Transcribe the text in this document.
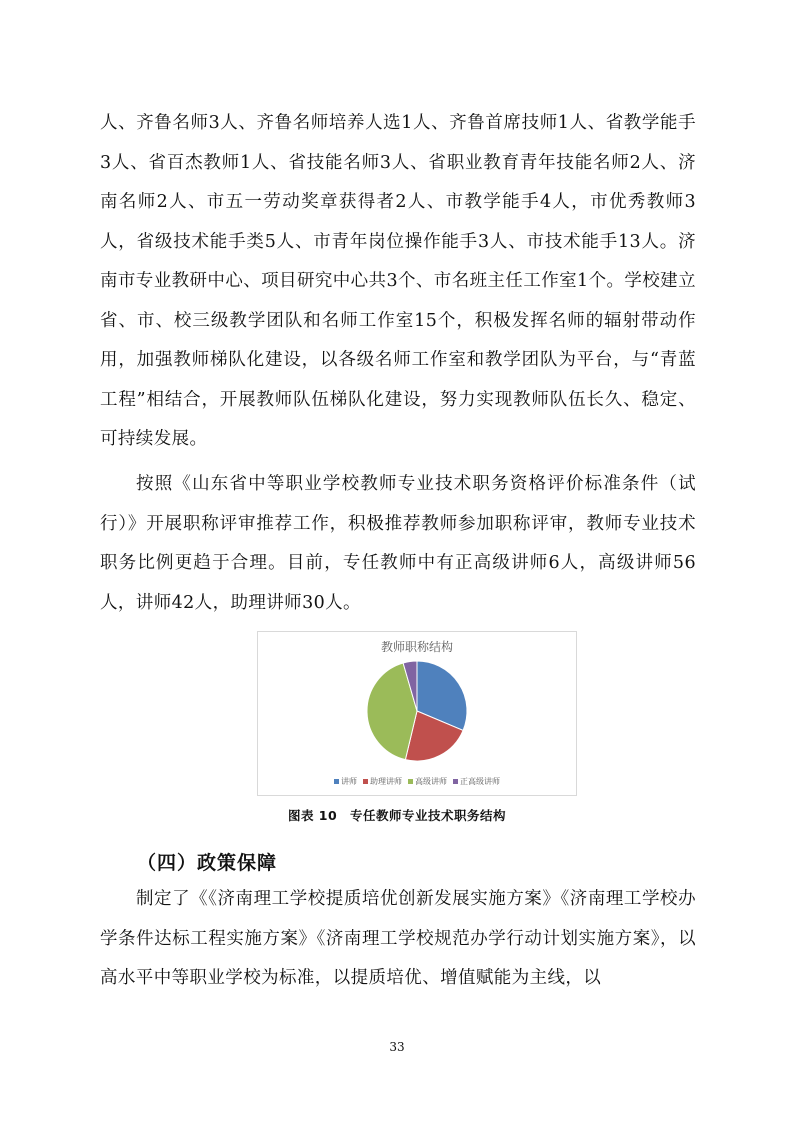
人、齐鲁名师3人、齐鲁名师培养人选1人、齐鲁首席技师1人、省教学能手3人、省百杰教师1人、省技能名师3人、省职业教育青年技能名师2人、济南名师2人、市五一劳动奖章获得者2人、市教学能手4人，市优秀教师3人，省级技术能手类5人、市青年岗位操作能手3人、市技术能手13人。济南市专业教研中心、项目研究中心共3个、市名班主任工作室1个。学校建立省、市、校三级教学团队和名师工作室15个，积极发挥名师的辐射带动作用，加强教师梯队化建设，以各级名师工作室和教学团队为平台，与“青蓝工程”相结合，开展教师队伍梯队化建设，努力实现教师队伍长久、稳定、可持续发展。

按照《山东省中等职业学校教师专业技术职务资格评价标准条件（试行）》开展职称评审推荐工作，积极推荐教师参加职称评审，教师专业技术职务比例更趋于合理。目前，专任教师中有正高级讲师6人，高级讲师56人，讲师42人，助理讲师30人。

教师职称结构
讲师 助理讲师 高级讲师 正高级讲师
图表 10 专任教师专业技术职务结构
（四）政策保障

制定了《《济南理工学校提质培优创新发展实施方案》《济南理工学校办学条件达标工程实施方案》《济南理工学校规范办学行动计划实施方案》，以高水平中等职业学校为标准，以提质培优、增值赋能为主线，以

33
